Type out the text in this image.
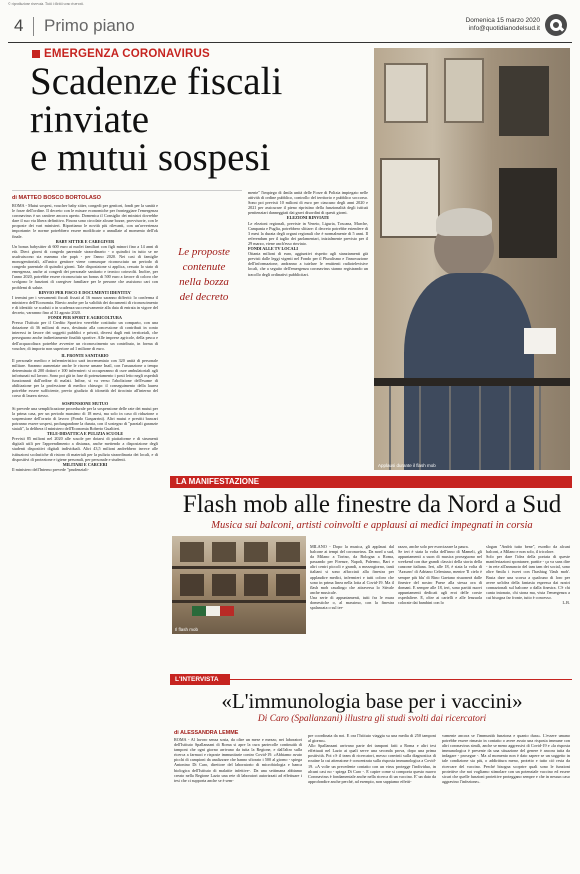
© riproduzione riservata. Tutti i diritti sono riservati.
4 Primo piano	Domenica 15 marzo 2020
info@quotidianodelsud.it
EMERGENZA CORONAVIRUS
Scadenze fiscali
rinviate
e mutui sospesi
di MATTEO BOSCO BORTOLASO

ROMA - Mutui sospesi, voucher baby sitter, congedi per genitori, fondi per la sanità e le forze dell'ordine. Il decreto con le misure economiche per fronteggiare l'emergenza coronavirus è un cantiere ancora aperto. Domenica il Consiglio dei ministri dovrebbe dare il suo via libera definitivo. Finora sono circolate alcune bozze, provvisorie, con le proposte dei vari ministeri. Riportiamo le novità più rilevanti, con un'avvertenza importante: le norme potrebbero essere modificate o annullate al momento dell'ok finale.

BABY SITTER E CAREGIVER

Un bonus babysitter di 600 euro ai nuclei familiari con figli minori fino a 14 anni di età. Dieci giorni di congedo parentale straordinario - o quindici in tutto se ne usufruiscono sia mamma che papà - per l'anno 2020. Nei casi di famiglie monogenitoriali, all'unico genitore viene comunque riconosciuto un periodo di congedo parentale di quindici giorni. Tale disposizione si applica, cessato lo stato di emergenza, anche ai congedi dei personale sanitario e tecnico coinvolti. Inoltre, per l'anno 2020, potrebbe essere riconosciuto un bonus di 500 euro a favore di coloro che svolgono le funzioni di caregiver familiare per le persone che assistono cari con problemi di salute.

RINVIO PER FISCO E DOCUMENTI IDENTITA'

I termini per i versamenti fiscali fissati al 16 marzo saranno differiti: lo conferma il ministero dell'Economia. Rinvio anche per la validità dei documenti di riconoscimento e di identità: se scaduti o in scadenza successivamente alla data di entrata in vigore del decreto, varranno fino al 31 agosto 2020.

FONDI PER SPORT E AGRICOLTURA

Presso l'Istituto per il Credito Sportivo verrebbe costituito un comparto, con una dotazione di 36 milioni di euro, destinato alla concessione di contributi in conto interessi in favore dei soggetti pubblici e privati, diversi dagli enti territoriali, che perseguono anche indirettamente finalità sportive. Alle imprese agricole, della pesca e dell'acquacoltura potrebbe avvenire un riconoscimento un contributo, in forma di voucher, di importo non superiore ad 1 milione di euro.

IL FRONTE SANITARIO

Il personale medico e infermieristico sarà incrementato con 320 unità di personale militare. Saranno aumentate anche le risorse umane Inail, con l'assunzione a tempo determinato di 200 dottori e 100 infermieri: si occuperanno di cure ambulatoriali agli infortunati sul lavoro. Sono poi già in fase di potenziamento i posti letto negli ospedali funzionanti dall'ordine di malati. Infine, si va verso l'abolizione dell'esame di abilitazione per la professione di medico chirurgo: il conseguimento della laurea potrebbe essere sufficiente, previo giudizio di idoneità del tirocinio all'interno del corso di laurea stesso.

SOSPENSIONE MUTUO

Si prevede una semplificazione procedurale per la sospensione delle rate dei mutui per la prima casa, per un periodo massimo di 18 mesi, ma solo in caso di riduzione o sospensione dell'orario di lavoro (Fondo Gasparrini). Altri mutui e prestiti bancari potranno essere sospesi, prolungandone la durata, con il sostegno di "parziali garanzie statali", la delibera il ministero dell'Economia Roberto Gualtieri.

TELE-DIDATTICA E PULIZIA SCUOLE

Previsti 85 milioni nel 2020 alle scuole per dotarsi di piattaforme e di strumenti digitali utili per l'apprendimento a distanza, anche mettendo a disposizione degli studenti dispositivi digitali individuali. Altri 43,5 milioni andrebbero invece alle istituzioni scolastiche di ristoro di materiali per la pulizia straordinaria dei locali, e di dispositivi di protezione e igiene personali, per personale e studenti.

MILITARI E CARCERI

Il ministero dell'Interno prevede "prudenziali-

Le proposte
contenute
nella bozza
del decreto

mente" l'impiego di 4mila unità delle Forze di Polizia impiegato nelle attività di ordine pubblico, controllo del territorio e pubblico soccorso. Sono poi previsti 10 milioni di euro per ciascuno degli anni 2020 e 2021 per assicurare il pieno ripristino della funzionalità degli istituti penitenziari danneggiati dai gravi disordini di questi giorni.

ELEZIONI RINVIATE

Le elezioni regionali, previste in Veneto, Liguria, Toscana, Marche, Campania e Puglia, potrebbero slittare: il decreto potrebbe estendere di 3 mesi la durata degli organi regionali che è normalmente di 5 anni. Il referendum per il taglio dei parlamentari, inizialmente previsto per il 29 marzo, viene anch'esso rinviato.

FONDI ALLE TV LOCALI

Ottanta milioni di euro, aggiuntivi rispetto agli stanziamenti già previsti dalle leggi vigenti nel Fondo per il Pluralismo e l'innovazione dell'informazione, andranno a tutelare le emittenti radiotelevisive locali, che a seguito dell'emergenza coronavirus stanno registrando un tracollo degli ordinativi pubblicitari.

Applausi durante il flash mob
LA MANIFESTAZIONE
Flash mob alle finestre da Nord a Sud
Musica sui balconi, artisti coinvolti e applausi ai medici impegnati in corsia
Il flash mob

MILANO - Dopo la musica, gli applausi dal balcone ai tempi del coronavirus. Da nord a sud, da Milano a Torino, da Bologna a Roma, passando per Firenze, Napoli, Palermo, Bari e altri centri piccoli e grandi, a mezzogiorno, tanti italiani si sono affacciati alla finestra per applaudire medici, infermieri e tutti coloro che sono in prima linea nella lotta al Covid-19. Ma il flash mob casalingo che attraversa lo Stivale anche musicale.

Una serie di appuntamenti, tutti fra le mura domestiche o, al massimo, con la finestra spalancata o sul ter-

razzo, anche solo per esorcizzare la paura.

Se ieri è stata la volta dell'inno di Mameli, gli appuntamenti a suon di musica proseguono nel weekend con due grandi classici della storia della canzone italiana. Ieri, alle 18, è stata la volta di 'Azzurro' di Adriano Celentano, mentre 'Il cielo è sempre più blu' di Rino Gaetano risuonerà dalle finestre del nostro Paese alla stessa ora di domani. E sempre alle 18, ieri, sono partiti nuovi appuntamenti dedicati agli eroi delle corsie ospedaliere. E, oltre ai cartelli e alle lenzuola colorate dai bambini con lo

slogan "Andrà tutto bene", esordio da alcuni balconi, a Milano e non solo, il tricolore.

Solo per dare l'idea della portata di queste manifestazioni spontanee, partite - ça va sans dire - in rete all'annuncio del tam tam dei social, sono oltre 6mila i tweet con l'hashtag 'flash mob'. Basta dare una scorsa a qualcuno di loro per avere un'idea della fantasia espressa dai nostri connazionali sul balcone o dalla finestra. C'è chi canta intonato, chi stona ma, vista l'emergenza a cui bisogna far fronte, tutto è concesso.

L.B.

L'INTERVISTA
«L'immunologia base per i vaccini»
Di Caro (Spallanzani) illustra gli studi svolti dai ricercatori
di ALESSANDRA LEMME

ROMA - Al lavoro senza sosta, da oltre un mese e mezzo, nei laboratori dell'Istituto Spallanzani di Roma si apre la cura partecolle continuità di tamponi che ogni giorno arrivano da tutta la Regione, e dall'altro sulla ricerca a farmaci e risposte immunitarie contro Covid-19. «Abbiamo avuto picchi di campioni da analizzare che hanno sfiorato i 500 al giorno - spiega Antonino Di Caro, direttore del laboratorio di microbiologia e banca biologica dell'Istituto di malattie infettive-. Da una settimana abbiamo creato nella Regione Lazio una rete di laboratori autorizzati ad effettuare i test che ci supporta anche se è sem-

pre coordinata da noi. E ora l'Istituto viaggia su una media di 250 tamponi al giorno».

Allo Spallanzani arrivano parte dei tamponi fatti a Roma e altri test effettuati nel Lazio ai quali serve una seconda prova, dopo una prima positività. Poi c'è il team di ricercatori, messo convinti sulla diagnostica di routine la cui attenzione è concentrata sulla risposta immunologica a Covid-19. «A volte un precedente contatto con un virus protegge l'individuo, in alcuni casi no - spiega Di Caro -. E capire come si comporta questo nuovo Coronavirus è fondamentale anche nella ricerca di un vaccino. E' un dato da approfondire anche perché, ad esempio, non sappiamo effetti-

vamente ancora se l'immunità funziona e quanto dura». L'essere umano potrebbe essere rimasto in contatto o avere avuto una risposta immune con altri coronavirus simili, anche se meno aggressivi di Covid-19 e «la risposta immunologica è presente da una situazione del genere è ancora tutta da indagare - prosegue -. Ma al momento non è dato sapere se un soggetto in tale condizione sia più, o addirittura meno, protetto e tutto ciò resta da ricercare del vaccino. Perché bisogna scoprire quali sono le funzioni protettive che noi vogliamo stimolare con un potenziale vaccino ed essere sicuri che quelle funzioni protettive proteggano sempre e che in nessun caso aggravino l'infezione».
